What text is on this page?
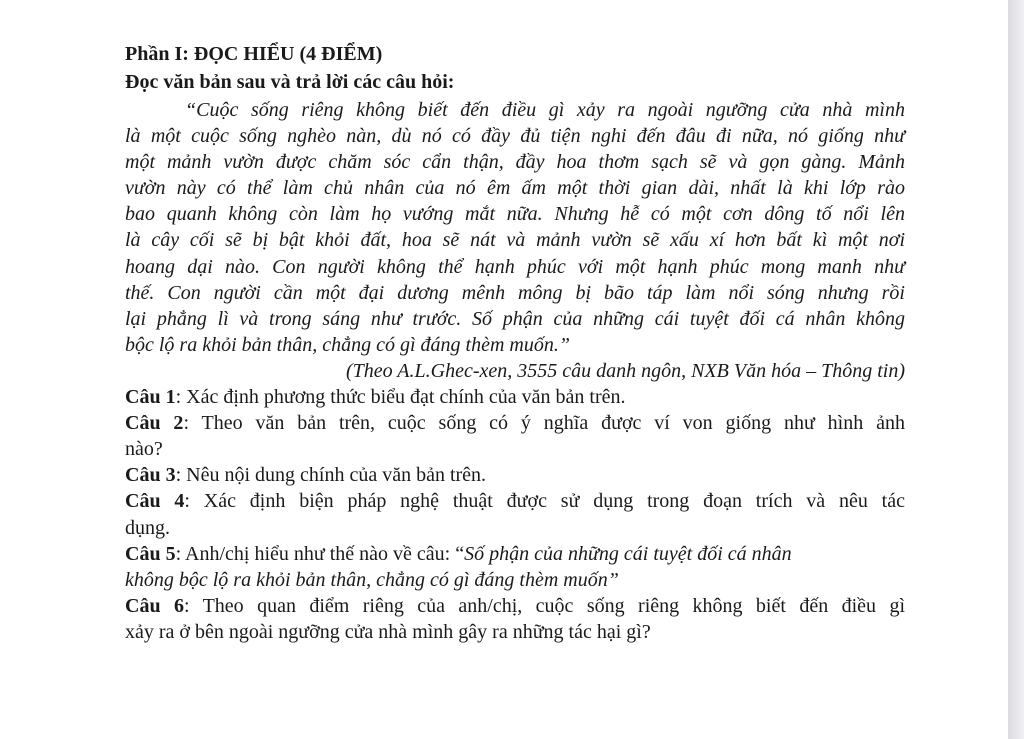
Phần I: ĐỌC HIỂU (4 ĐIỂM)

Đọc văn bản sau và trả lời các câu hỏi:

“Cuộc sống riêng không biết đến điều gì xảy ra ngoài ngưỡng cửa nhà mình
là một cuộc sống nghèo nàn, dù nó có đầy đủ tiện nghi đến đâu đi nữa, nó giống như
một mảnh vườn được chăm sóc cẩn thận, đầy hoa thơm sạch sẽ và gọn gàng. Mảnh
vườn này có thể làm chủ nhân của nó êm ấm một thời gian dài, nhất là khi lớp rào
bao quanh không còn làm họ vướng mắt nữa. Nhưng hễ có một cơn dông tố nổi lên
là cây cối sẽ bị bật khỏi đất, hoa sẽ nát và mảnh vườn sẽ xấu xí hơn bất kì một nơi
hoang dại nào. Con người không thể hạnh phúc với một hạnh phúc mong manh như
thế. Con người cần một đại dương mênh mông bị bão táp làm nổi sóng nhưng rồi
lại phẳng lì và trong sáng như trước. Số phận của những cái tuyệt đối cá nhân không
bộc lộ ra khỏi bản thân, chẳng có gì đáng thèm muốn.”

(Theo A.L.Ghec-xen, 3555 câu danh ngôn, NXB Văn hóa – Thông tin)

Câu 1: Xác định phương thức biểu đạt chính của văn bản trên.
Câu 2: Theo văn bản trên, cuộc sống có ý nghĩa được ví von giống như hình ảnh
nào?
Câu 3: Nêu nội dung chính của văn bản trên.
Câu 4: Xác định biện pháp nghệ thuật được sử dụng trong đoạn trích và nêu tác
dụng.
Câu 5: Anh/chị hiểu như thế nào về câu: “Số phận của những cái tuyệt đối cá nhân
không bộc lộ ra khỏi bản thân, chẳng có gì đáng thèm muốn”
Câu 6: Theo quan điểm riêng của anh/chị, cuộc sống riêng không biết đến điều gì
xảy ra ở bên ngoài ngưỡng cửa nhà mình gây ra những tác hại gì?
